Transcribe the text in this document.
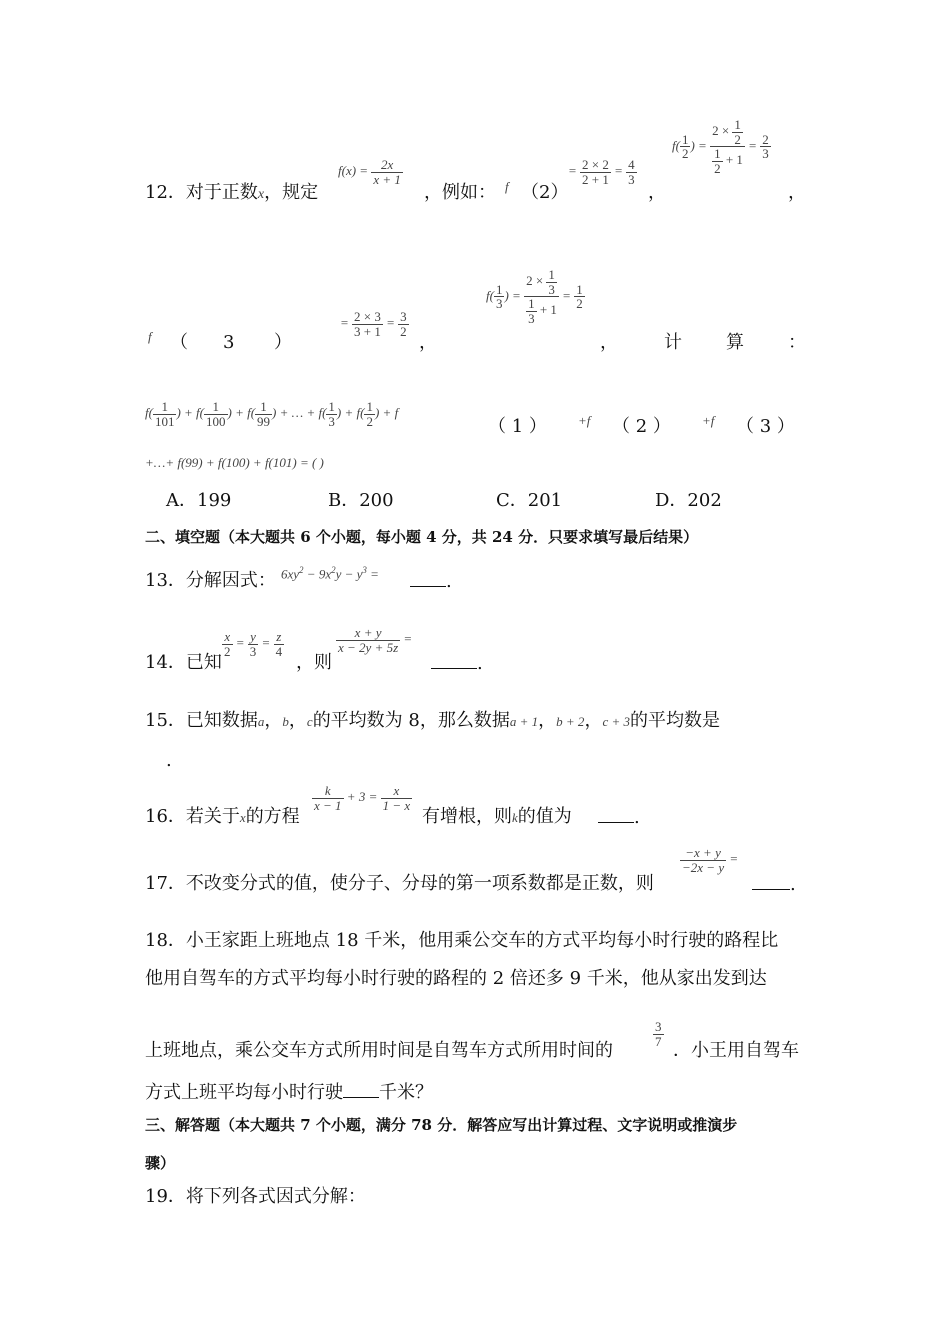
12．对于正数x，规定
$f(x) = \frac{2x}{x + 1}$
，例如： f （2）
= $\frac{2 \times 2}{2 + 1} = \frac{4}{3}$
，
$f( \frac{1}{2}$ ) = $\frac{2 \times \frac{1}{2}}{\frac{1}{2} + 1} = \frac{2}{3}$
，
f （ 3 ）
= $\frac{2 \times 3}{3 + 1} = \frac{3}{2}$
，
$f( \frac{1}{3}$ ) = $\frac{2 \times \frac{1}{3}}{\frac{1}{3} + 1} = \frac{1}{2}$
，	计 算 ：
$f( \frac{1}{101}$ ) + $f( \frac{1}{100}$ ) + $f( \frac{1}{99}$ ) + … + $f( \frac{1}{3}$ ) + $f( \frac{1}{2}$ ) + f
（ 1 ） +f （ 2 ） +f （ 3 ）
+…+ f(99) + f(100) + f(101) = ( )
A．199	B．200	C．201	D．202
二、填空题（本大题共 6 个小题，每小题 4 分，共 24 分．只要求填写最后结果）
13．分解因式： $6xy^2 - 9x^2y - y^3$ =	.
14．已知
$\frac{x}{2} = \frac{y}{3} = \frac{z}{4}$
，则
$\frac{x + y}{x - 2y + 5z}$ =
.
15．已知数据a，b，c的平均数为 8，那么数据a + 1，b + 2，c + 3的平均数是
.
16．若关于x的方程
$\frac{k}{x - 1} + 3 = \frac{x}{1 - x}$
有增根，则k的值为	.
17．不改变分式的值，使分子、分母的第一项系数都是正数，则
$\frac{-x + y}{-2x - y}$ =
.
18．小王家距上班地点 18 千米，他用乘公交车的方式平均每小时行驶的路程比
他用自驾车的方式平均每小时行驶的路程的 2 倍还多 9 千米，他从家出发到达
上班地点，乘公交车方式所用时间是自驾车方式所用时间的
$\frac{3}{7}$
．小王用自驾车
方式上班平均每小时行驶 千米？
三、解答题（本大题共 7 个小题，满分 78 分．解答应写出计算过程、文字说明或推演步
骤）
19．将下列各式因式分解：
